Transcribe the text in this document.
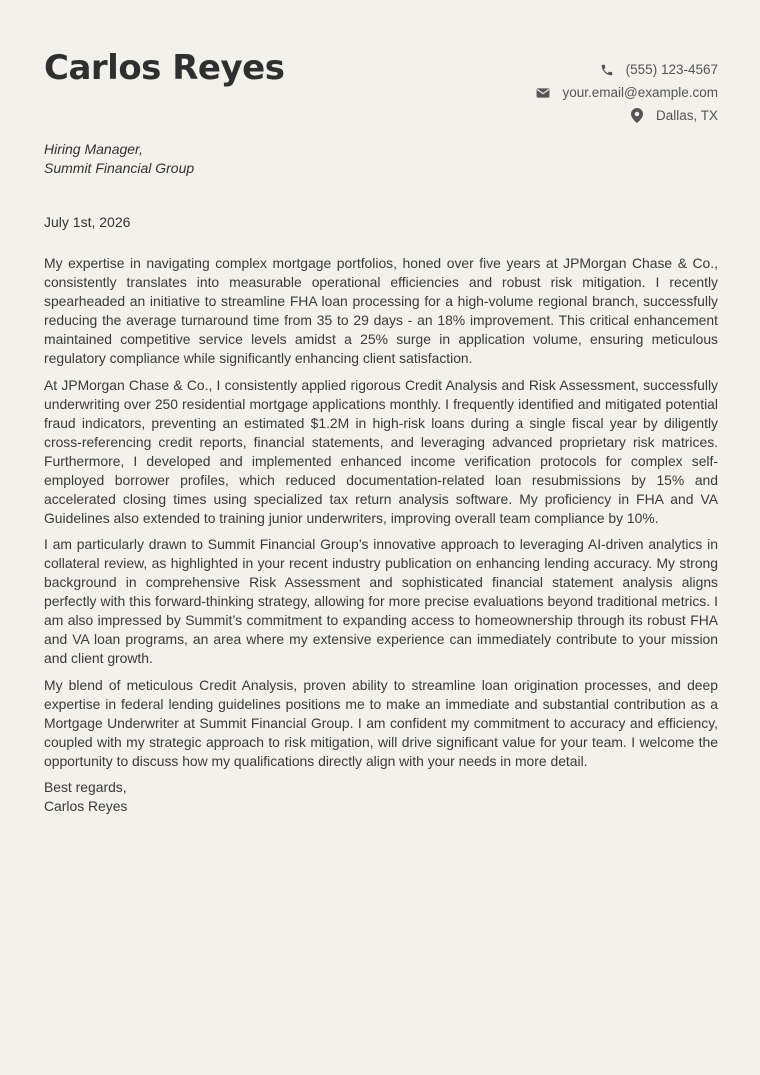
Carlos Reyes	(555) 123-4567
your.email@example.com
Dallas, TX
Hiring Manager,
Summit Financial Group
July 1st, 2026

My expertise in navigating complex mortgage portfolios, honed over five years at JPMorgan Chase & Co., consistently translates into measurable operational efficiencies and robust risk mitigation. I recently spearheaded an initiative to streamline FHA loan processing for a high-volume regional branch, successfully reducing the average turnaround time from 35 to 29 days - an 18% improvement. This critical enhancement maintained competitive service levels amidst a 25% surge in application volume, ensuring meticulous regulatory compliance while significantly enhancing client satisfaction.

At JPMorgan Chase & Co., I consistently applied rigorous Credit Analysis and Risk Assessment, successfully underwriting over 250 residential mortgage applications monthly. I frequently identified and mitigated potential fraud indicators, preventing an estimated $1.2M in high-risk loans during a single fiscal year by diligently cross-referencing credit reports, financial statements, and leveraging advanced proprietary risk matrices. Furthermore, I developed and implemented enhanced income verification protocols for complex self-employed borrower profiles, which reduced documentation-related loan resubmissions by 15% and accelerated closing times using specialized tax return analysis software. My proficiency in FHA and VA Guidelines also extended to training junior underwriters, improving overall team compliance by 10%.

I am particularly drawn to Summit Financial Group’s innovative approach to leveraging AI-driven analytics in collateral review, as highlighted in your recent industry publication on enhancing lending accuracy. My strong background in comprehensive Risk Assessment and sophisticated financial statement analysis aligns perfectly with this forward-thinking strategy, allowing for more precise evaluations beyond traditional metrics. I am also impressed by Summit’s commitment to expanding access to homeownership through its robust FHA and VA loan programs, an area where my extensive experience can immediately contribute to your mission and client growth.

My blend of meticulous Credit Analysis, proven ability to streamline loan origination processes, and deep expertise in federal lending guidelines positions me to make an immediate and substantial contribution as a Mortgage Underwriter at Summit Financial Group. I am confident my commitment to accuracy and efficiency, coupled with my strategic approach to risk mitigation, will drive significant value for your team. I welcome the opportunity to discuss how my qualifications directly align with your needs in more detail.

Best regards,
Carlos Reyes
